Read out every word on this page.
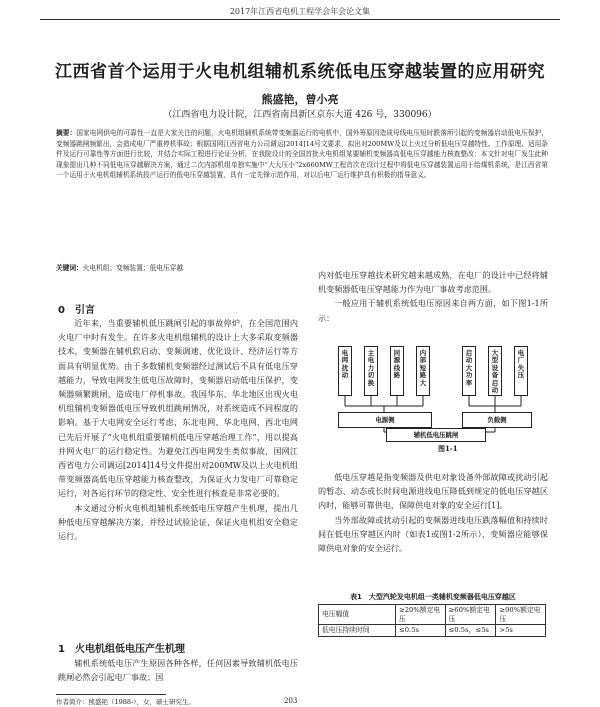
2017年江西省电机工程学会年会论文集
江西省首个运用于火电机组辅机系统低电压穿越装置的应用研究
熊盛艳，曾小亮
（江西省电力设计院，江西省南昌新区京东大道 426 号，330096）
摘要：国家电网供电的可靠性一直是大家关注的问题，火电机组辅机系统带变频器运行的电机中，国外筹原因造成母线电压短时跌落所引起的变频器启动低电压保护，变频器跳闸频繁出，会造成电厂严重停机事故；根据国网江西省电力公司调运[2014]14号文要求，拟出对200MW及以上火过分析低电压穿越特性、工作原理、适用条件及运行可靠性等方面进行比较，并结合实际工程进行论证分析，在我院设计的全国首批火电机组某要辅机变频器高低电压穿越能力核查整改：本文针对电厂发生此种现象提出几种不同低电压穿越解决方案，通过二次内部机组单独实施中“大大压小”2x660MW工程首次在设计过程中将低电压穿越装置运用于给煤机系统，是江西省第一个运用于火电机组辅机系统投产运行的低电压穿越装置，具有一定先锋示范作用，对以后电厂运行维护具有积极的指导意义。
关键词：火电机组；变频装置；低电压穿越
0　引言

近年来，当重要辅机低压跳闸引起的事故停炉，在全国范围内火电厂中时有发生。在许多火电机组辅机的设计上大多采取变频器技术，变频器在辅机软启动、变频调速、优化设计、经济运行等方面具有明显优势。由于多数辅机变频器经过测试后不具有低电压穿越能力，导致电网发生低电压故障时，变频器启动低电压保护，变频器频繁跳闸，造成电厂停机事故。我国华东、华北地区出现火电机组辅机变频器低电压导致机组跳闸情况，对系统造成不同程度的影响。基于大电网安全运行考虑，东北电网、华北电网、西北电网已先后开展了“火电机组重要辅机低电压穿越治理工作”，用以提高并网火电厂的运行稳定性。为避免江西电网发生类似事故，国网江西省电力公司调运[2014]14号文件提出对200MW及以上火电机组带变频器高低电压穿越能力核查整改，为保证火力发电厂可靠稳定运行，对各运行环节的稳定性、安全性进行核查是非常必要的。

本文通过分析火电机组辅机系统低电压穿越产生机理，提出几种低电压穿越解决方案，并经过试验论证，保证火电机组安全稳定运行。

1　火电机组低电压产生机理

辅机系统低电压产生原因各种各样，任何因素导致辅机低电压跳闸必然会引起电厂事故；国

内对低电压穿越技术研究越来越成熟，在电厂的设计中已经将辅机变频器低电压穿越能力作为电厂事故考虑范围。

一般应用于辅机系统低电压原因来自两方面，如下图1-1所示：

电网扰动
主电力切换
同源线路
内部短路大
启动大功率
大型设备启动
电厂失压
电源侧	负载侧
辅机低电压跳闸
图1-1

低电压穿越是指变频器及供电对象设备外部故障或扰动引起的暂态、动态或长时间电源进线电压降低到规定的低电压穿越区内时，能够可靠供电，保障供电对象的安全运行[1]。

当外部故障或扰动引起的变频器进线电压跌落幅值和持续时间在低电压穿越区内时（如表1或图1-2所示），变频器应能够保障供电对象的安全运行。

表1　大型汽轮发电机组一类辅机变频器低电压穿越区
电压幅值	≥20%额定电压	≥60%额定电压	≥90%额定电压
低电压持续时间	≤0.5s	≤0.5s，≤5s	>5s
作者简介：熊盛艳（1988-），女，硕士研究生。	203
